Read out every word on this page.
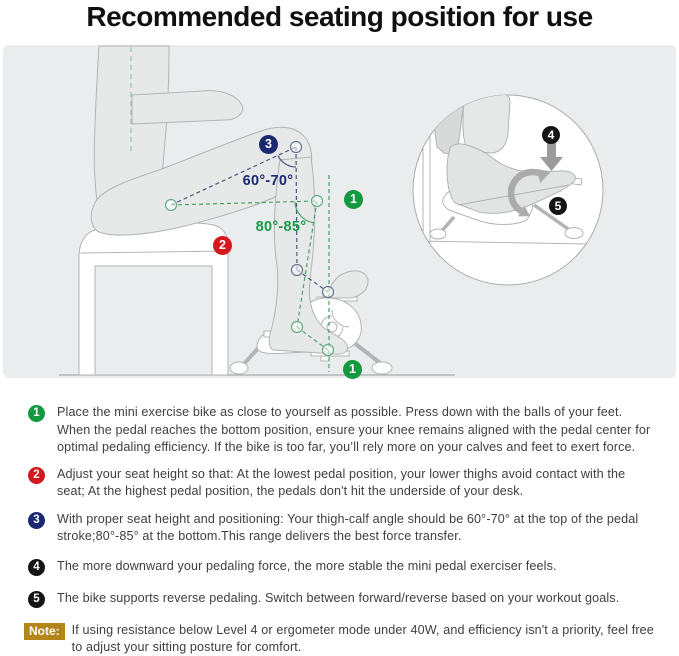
Recommended seating position for use
3
1
2
1
4
5
60°-70°
80°-85°
1	Place the mini exercise bike as close to yourself as possible. Press down with the balls of your feet. When the pedal reaches the bottom position, ensure your knee remains aligned with the pedal center for optimal pedaling efficiency. If the bike is too far, you’ll rely more on your calves and feet to exert force.
2	Adjust your seat height so that: At the lowest pedal position, your lower thighs avoid contact with the seat; At the highest pedal position, the pedals don't hit the underside of your desk.
3	With proper seat height and positioning: Your thigh-calf angle should be 60°-70° at the top of the pedal stroke;80°-85° at the bottom.This range delivers the best force transfer.
4	The more downward your pedaling force, the more stable the mini pedal exerciser feels.
5	The bike supports reverse pedaling. Switch between forward/reverse based on your workout goals.
Note: If using resistance below Level 4 or ergometer mode under 40W, and efficiency isn't a priority, feel free to adjust your sitting posture for comfort.
